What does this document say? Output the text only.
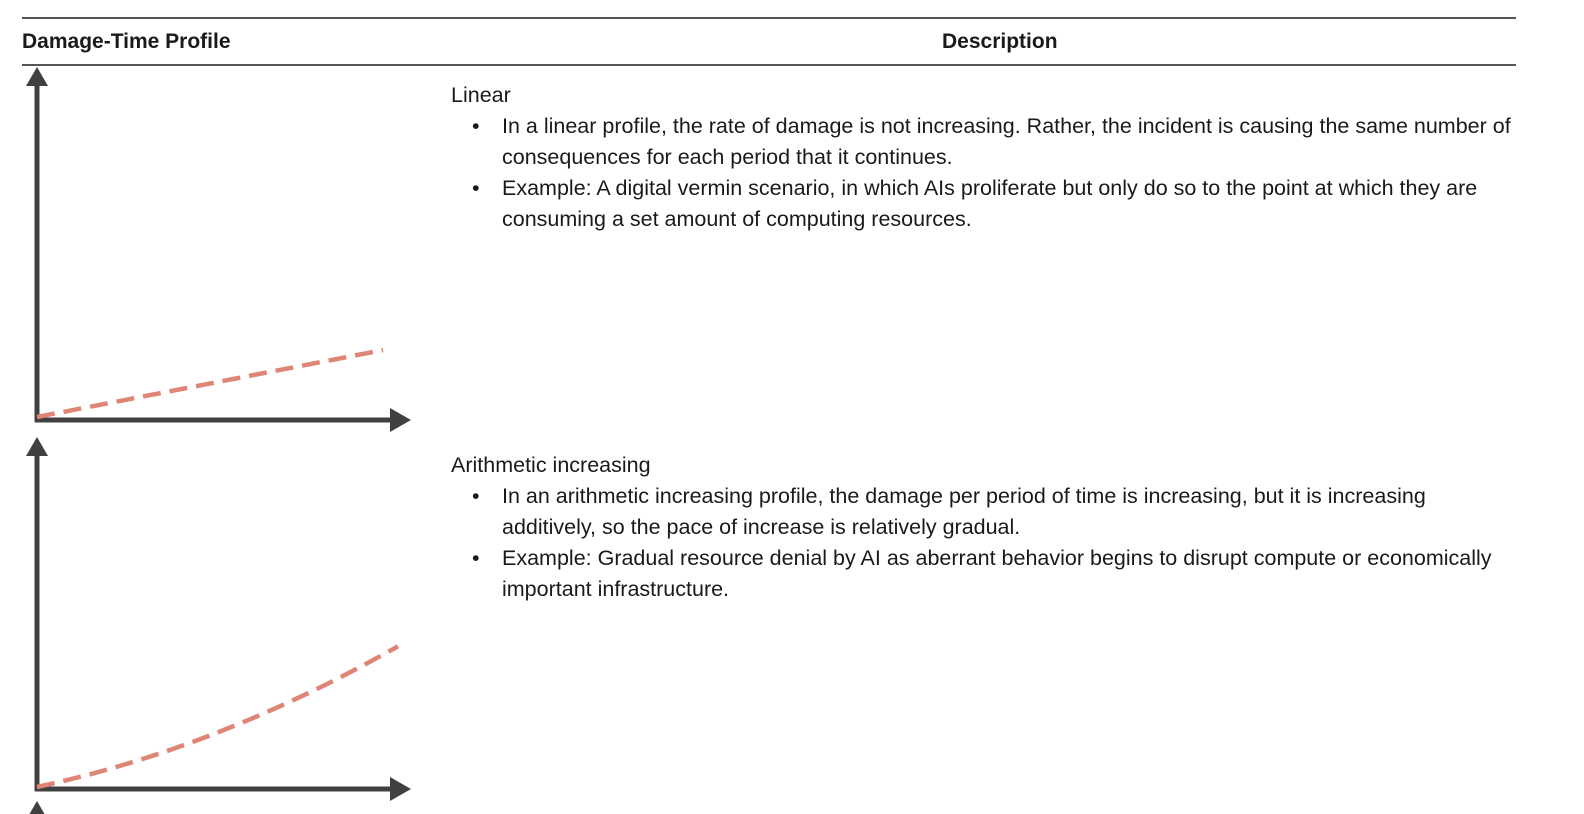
Damage-Time Profile	Description
Linear
• In a linear profile, the rate of damage is not increasing. Rather, the incident is causing the same number of consequences for each period that it continues.
• Example: A digital vermin scenario, in which AIs proliferate but only do so to the point at which they are consuming a set amount of computing resources.
Arithmetic increasing
• In an arithmetic increasing profile, the damage per period of time is increasing, but it is increasing additively, so the pace of increase is relatively gradual.
• Example: Gradual resource denial by AI as aberrant behavior begins to disrupt compute or economically important infrastructure.
